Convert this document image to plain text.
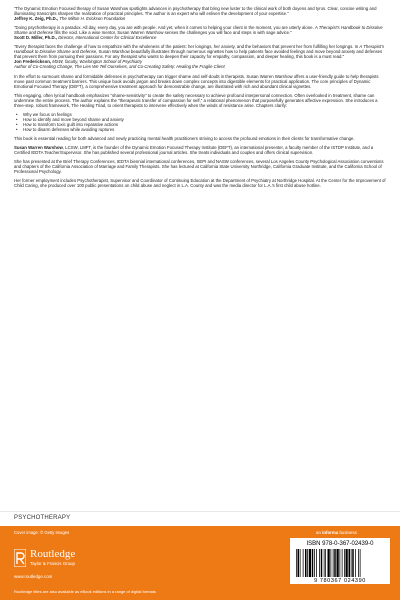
"The Dynamic Emotion Focused therapy of Susan Warshow spotlights advances in psychotherapy that bring new luster to the clinical work of both doyens and tyros. Clear, concise writing and illuminating transcripts sharpen the realization of practical principles. The author is an expert who will enliven the development of your expertise."

Jeffrey K. Zeig, Ph.D., The Milton H. Erickson Foundation

"Doing psychotherapy is a paradox. All day, every day, you are with people. And yet, when it comes to helping your client in the moment, you are utterly alone. A Therapist's Handbook to Dissolve Shame and Defense fills the void. Like a wise mentor, Susan Warren Warshow senses the challenges you will face and steps in with sage advice."

Scott D. Miller, Ph.D., Director, International Center for Clinical Excellence

"Every therapist faces the challenge of how to empathize with the wholeness of the patient: her longings, her anxiety, and the behaviors that prevent her from fulfilling her longings. In A Therapist's Handbook to Dissolve Shame and Defense, Susan Warshow beautifully illustrates through numerous vignettes how to help patients face avoided feelings and move beyond anxiety and defenses that prevent them from pursuing their passions. For any therapist who wants to deepen their capacity for empathy, compassion, and deeper healing, this book is a must read."

Jon Frederickson, MSW, faculty, Washington School of Psychiatry

Author of Co-Creating Change, The Lies We Tell Ourselves, and Co-Creating Safety: Healing the Fragile Client

In the effort to surmount shame and formidable defenses in psychotherapy can trigger shame and self-doubt in therapists. Susan Warren Warshow offers a user-friendly guide to help therapists move past common treatment barriers. This unique book avoids jargon and breaks down complex concepts into digestible elements for practical application. The core principles of Dynamic Emotional Focused Therapy (DEFT), a comprehensive treatment approach for demonstrable change, are illustrated with rich and abundant clinical vignettes.

This engaging, often lyrical handbook emphasizes "shame-sensitivity" to create the safety necessary to achieve profound interpersonal connection. Often overlooked in treatment, shame can undermine the entire process. The author explains the "therapeutic transfer of compassion for self," a relational phenomenon that purposefully generates affective expression. She introduces a three-step, robust framework, The Healing Triad, to orient therapists to intervene effectively when the winds of resistance arise. Chapters clarify:

• Why we focus on feelings
• How to identify and move beyond shame and anxiety
• How to transform toxic guilt into reparative actions
• How to disarm defenses while avoiding ruptures

This book is essential reading for both advanced and newly practicing mental health practitioners striving to access the profound emotions in their clients for transformative change.

Susan Warren Warshow, LCSW, LMFT, is the founder of the Dynamic Emotion Focused Therapy Institute (DEFT), an international presenter, a faculty member of the ISTDP Institute, and a Certified IEDTA Teacher/Supervisor. She has published several professional journal articles. She treats individuals and couples and offers clinical supervision.

She has presented at the Brief Therapy Conferences, IEDTA biennial international conferences, SEPI and NASW conferences, several Los Angeles County Psychological Association conventions and chapters of the California Association of Marriage and Family Therapists. She has lectured at California State University Northridge, California Graduate Institute, and the California School of Professional Psychology.

Her former employment includes Psychotherapist, Supervisor and Coordinator of Continuing Education at the Department of Psychiatry at Northridge Hospital. At the Center for the Improvement of Child Caring, she produced over 100 public presentations on child abuse and neglect in L.A. County and was the media director for L.A.'s first child abuse hotline.

PSYCHOTHERAPY
Cover image: © Getty Images
Routledge
Taylor & Francis Group
www.routledge.com
Routledge titles are also available as eBook editions in a range of digital formats
an informa business
ISBN 978-0-367-02439-0
9 780367 024390
